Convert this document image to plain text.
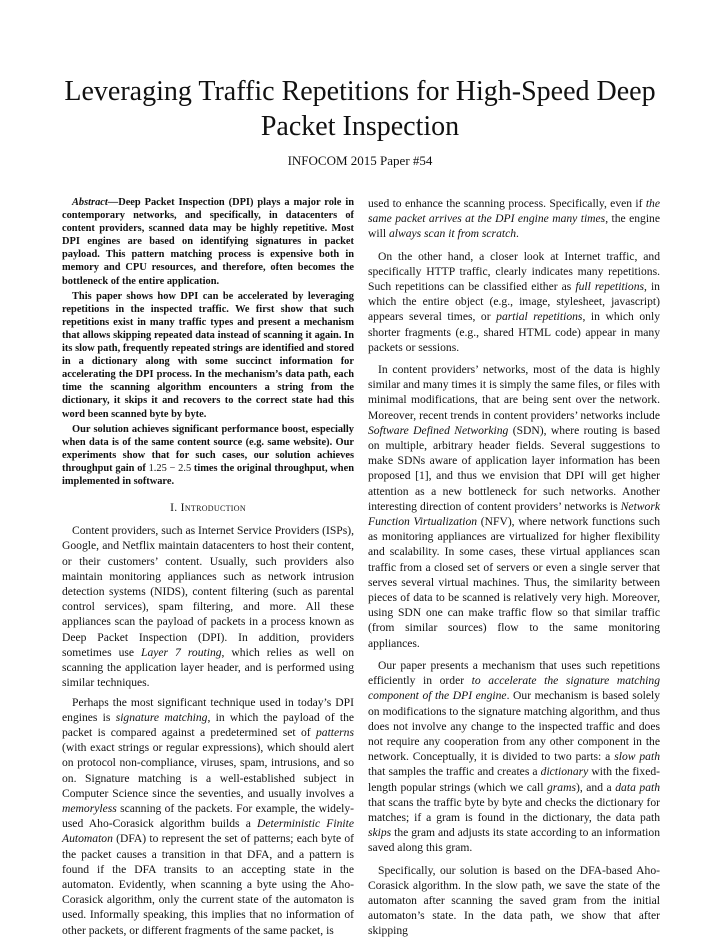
Leveraging Traffic Repetitions for High-Speed Deep Packet Inspection
INFOCOM 2015 Paper #54

Abstract—Deep Packet Inspection (DPI) plays a major role in contemporary networks, and specifically, in datacenters of content providers, scanned data may be highly repetitive. Most DPI engines are based on identifying signatures in packet payload. This pattern matching process is expensive both in memory and CPU resources, and therefore, often becomes the bottleneck of the entire application.

This paper shows how DPI can be accelerated by leveraging repetitions in the inspected traffic. We first show that such repetitions exist in many traffic types and present a mechanism that allows skipping repeated data instead of scanning it again. In its slow path, frequently repeated strings are identified and stored in a dictionary along with some succinct information for accelerating the DPI process. In the mechanism’s data path, each time the scanning algorithm encounters a string from the dictionary, it skips it and recovers to the correct state had this word been scanned byte by byte.

Our solution achieves significant performance boost, especially when data is of the same content source (e.g. same website). Our experiments show that for such cases, our solution achieves throughput gain of 1.25 − 2.5 times the original throughput, when implemented in software.

I. Introduction

Content providers, such as Internet Service Providers (ISPs), Google, and Netflix maintain datacenters to host their content, or their customers’ content. Usually, such providers also maintain monitoring appliances such as network intrusion detection systems (NIDS), content filtering (such as parental control services), spam filtering, and more. All these appliances scan the payload of packets in a process known as Deep Packet Inspection (DPI). In addition, providers sometimes use Layer 7 routing, which relies as well on scanning the application layer header, and is performed using similar techniques.

Perhaps the most significant technique used in today’s DPI engines is signature matching, in which the payload of the packet is compared against a predetermined set of patterns (with exact strings or regular expressions), which should alert on protocol non-compliance, viruses, spam, intrusions, and so on. Signature matching is a well-established subject in Computer Science since the seventies, and usually involves a memoryless scanning of the packets. For example, the widely-used Aho-Corasick algorithm builds a Deterministic Finite Automaton (DFA) to represent the set of patterns; each byte of the packet causes a transition in that DFA, and a pattern is found if the DFA transits to an accepting state in the automaton. Evidently, when scanning a byte using the Aho-Corasick algorithm, only the current state of the automaton is used. Informally speaking, this implies that no information of other packets, or different fragments of the same packet, is

used to enhance the scanning process. Specifically, even if the same packet arrives at the DPI engine many times, the engine will always scan it from scratch.

On the other hand, a closer look at Internet traffic, and specifically HTTP traffic, clearly indicates many repetitions. Such repetitions can be classified either as full repetitions, in which the entire object (e.g., image, stylesheet, javascript) appears several times, or partial repetitions, in which only shorter fragments (e.g., shared HTML code) appear in many packets or sessions.

In content providers’ networks, most of the data is highly similar and many times it is simply the same files, or files with minimal modifications, that are being sent over the network. Moreover, recent trends in content providers’ networks include Software Defined Networking (SDN), where routing is based on multiple, arbitrary header fields. Several suggestions to make SDNs aware of application layer information has been proposed [1], and thus we envision that DPI will get higher attention as a new bottleneck for such networks. Another interesting direction of content providers’ networks is Network Function Virtualization (NFV), where network functions such as monitoring appliances are virtualized for higher flexibility and scalability. In some cases, these virtual appliances scan traffic from a closed set of servers or even a single server that serves several virtual machines. Thus, the similarity between pieces of data to be scanned is relatively very high. Moreover, using SDN one can make traffic flow so that similar traffic (from similar sources) flow to the same monitoring appliances.

Our paper presents a mechanism that uses such repetitions efficiently in order to accelerate the signature matching component of the DPI engine. Our mechanism is based solely on modifications to the signature matching algorithm, and thus does not involve any change to the inspected traffic and does not require any cooperation from any other component in the network. Conceptually, it is divided to two parts: a slow path that samples the traffic and creates a dictionary with the fixed-length popular strings (which we call grams), and a data path that scans the traffic byte by byte and checks the dictionary for matches; if a gram is found in the dictionary, the data path skips the gram and adjusts its state according to an information saved along this gram.

Specifically, our solution is based on the DFA-based Aho-Corasick algorithm. In the slow path, we save the state of the automaton after scanning the saved gram from the initial automaton’s state. In the data path, we show that after skipping
